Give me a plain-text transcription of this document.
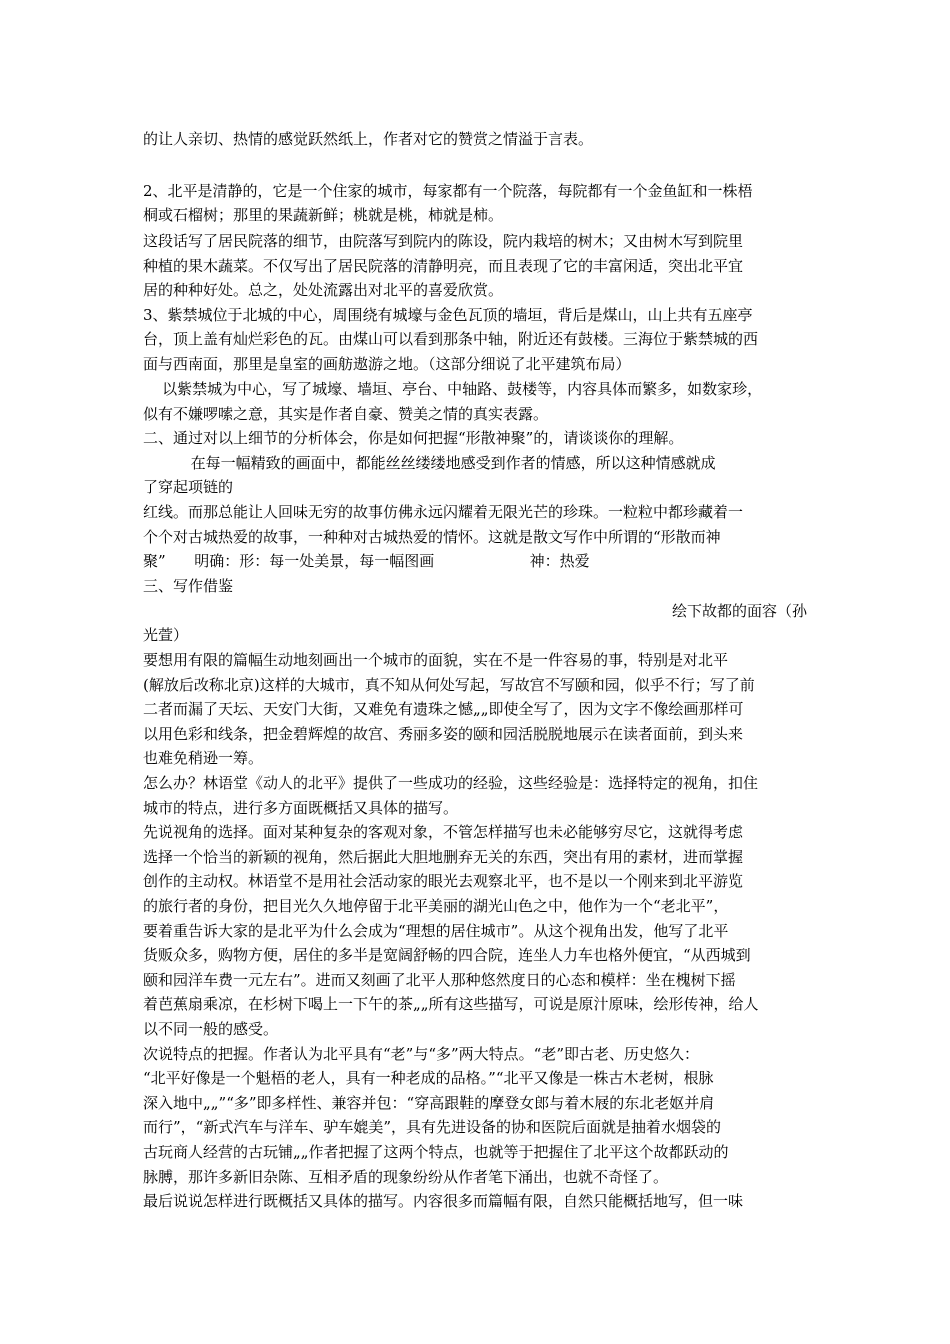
的让人亲切、热情的感觉跃然纸上，作者对它的赞赏之情溢于言表。
2、北平是清静的，它是一个住家的城市，每家都有一个院落，每院都有一个金鱼缸和一株梧
桐或石榴树；那里的果蔬新鲜；桃就是桃，柿就是柿。
这段话写了居民院落的细节，由院落写到院内的陈设，院内栽培的树木；又由树木写到院里
种植的果木蔬菜。不仅写出了居民院落的清静明亮，而且表现了它的丰富闲适，突出北平宜
居的种种好处。总之，处处流露出对北平的喜爱欣赏。
3、紫禁城位于北城的中心，周围绕有城壕与金色瓦顶的墙垣，背后是煤山，山上共有五座亭
台，顶上盖有灿烂彩色的瓦。由煤山可以看到那条中轴，附近还有鼓楼。三海位于紫禁城的西
面与西南面，那里是皇室的画舫遨游之地。（这部分细说了北平建筑布局）
以紫禁城为中心，写了城壕、墙垣、亭台、中轴路、鼓楼等，内容具体而繁多，如数家珍，
似有不嫌啰嗦之意，其实是作者自豪、赞美之情的真实表露。
二、通过对以上细节的分析体会，你是如何把握“形散神聚”的，请谈谈你的理解。
在每一幅精致的画面中，都能丝丝缕缕地感受到作者的情感，所以这种情感就成
了穿起项链的
红线。而那总能让人回味无穷的故事仿佛永远闪耀着无限光芒的珍珠。一粒粒中都珍藏着一
个个对古城热爱的故事，一种种对古城热爱的情怀。这就是散文写作中所谓的“形散而神
聚”      明确：形：每一处美景，每一幅图画                    神：热爱
三、写作借鉴
绘下故都的面容（孙
光萱）
要想用有限的篇幅生动地刻画出一个城市的面貌，实在不是一件容易的事，特别是对北平
(解放后改称北京)这样的大城市，真不知从何处写起，写故宫不写颐和园，似乎不行；写了前
二者而漏了天坛、天安门大街，又难免有遗珠之憾„„即使全写了，因为文字不像绘画那样可
以用色彩和线条，把金碧辉煌的故宫、秀丽多姿的颐和园活脱脱地展示在读者面前，到头来
也难免稍逊一筹。
怎么办？林语堂《动人的北平》提供了一些成功的经验，这些经验是：选择特定的视角，扣住
城市的特点，进行多方面既概括又具体的描写。
先说视角的选择。面对某种复杂的客观对象，不管怎样描写也未必能够穷尽它，这就得考虑
选择一个恰当的新颖的视角，然后据此大胆地删弃无关的东西，突出有用的素材，进而掌握
创作的主动权。林语堂不是用社会活动家的眼光去观察北平，也不是以一个刚来到北平游览
的旅行者的身份，把目光久久地停留于北平美丽的湖光山色之中，他作为一个“老北平”，
要着重告诉大家的是北平为什么会成为“理想的居住城市”。从这个视角出发，他写了北平
货贩众多，购物方便，居住的多半是宽阔舒畅的四合院，连坐人力车也格外便宜，“从西城到
颐和园洋车费一元左右”。进而又刻画了北平人那种悠然度日的心态和模样：坐在槐树下摇
着芭蕉扇乘凉，在杉树下喝上一下午的茶„„所有这些描写，可说是原汁原味，绘形传神，给人
以不同一般的感受。
次说特点的把握。作者认为北平具有“老”与“多”两大特点。“老”即古老、历史悠久：
“北平好像是一个魁梧的老人，具有一种老成的品格。”“北平又像是一株古木老树，根脉
深入地中„„”“多”即多样性、兼容并包：“穿高跟鞋的摩登女郎与着木屐的东北老妪并肩
而行”，“新式汽车与洋车、驴车媲美”，具有先进设备的协和医院后面就是抽着水烟袋的
古玩商人经营的古玩铺„„作者把握了这两个特点，也就等于把握住了北平这个故都跃动的
脉膊，那许多新旧杂陈、互相矛盾的现象纷纷从作者笔下涌出，也就不奇怪了。
最后说说怎样进行既概括又具体的描写。内容很多而篇幅有限，自然只能概括地写，但一味
